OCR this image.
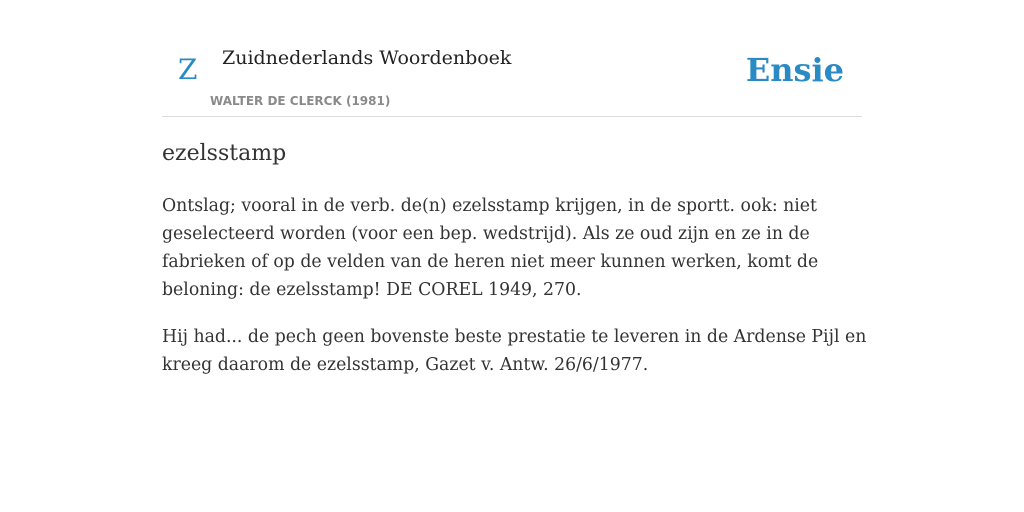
Z Zuidnederlands Woordenboek
WALTER DE CLERCK (1981)
Ensie
ezelsstamp

Ontslag; vooral in de verb. de(n) ezelsstamp krijgen, in de sportt. ook: niet geselecteerd worden (voor een bep. wedstrijd). Als ze oud zijn en ze in de fabrieken of op de velden van de heren niet meer kunnen werken, komt de beloning: de ezelsstamp! DE COREL 1949, 270.

Hij had... de pech geen bovenste beste prestatie te leveren in de Ardense Pijl en kreeg daarom de ezelsstamp, Gazet v. Antw. 26/6/1977.
